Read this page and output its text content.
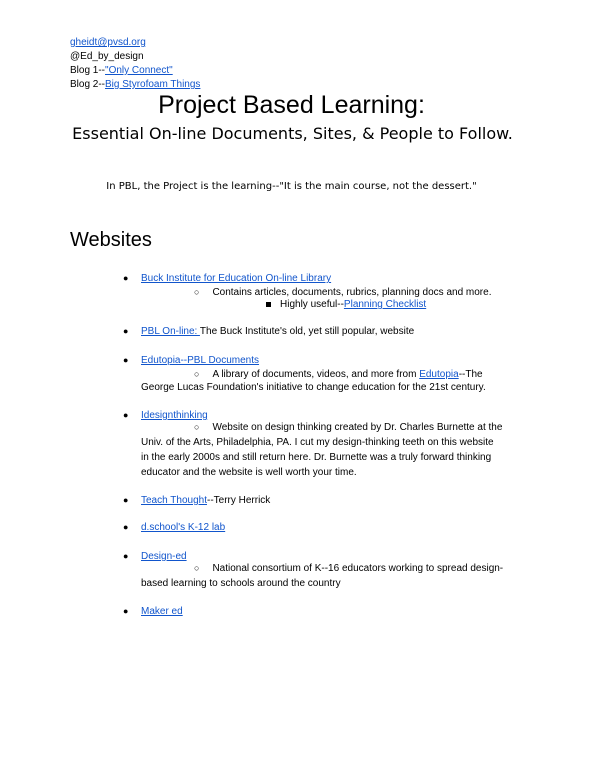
gheidt@pvsd.org
@Ed_by_design
Blog 1--"Only Connect"
Blog 2--Big Styrofoam Things
Project Based Learning:
Essential On-line Documents, Sites, & People to Follow.
In PBL, the Project is the learning--"It is the main course, not the dessert."
Websites
● Buck Institute for Education On-line Library
○ Contains articles, documents, rubrics, planning docs and more.
Highly useful--Planning Checklist
● PBL On-line: The Buck Institute's old, yet still popular, website
● Edutopia--PBL Documents
○ A library of documents, videos, and more from Edutopia--The
George Lucas Foundation's initiative to change education for the 21st century.
● Idesignthinking
○ Website on design thinking created by Dr. Charles Burnette at the
Univ. of the Arts, Philadelphia, PA. I cut my design-thinking teeth on this website
in the early 2000s and still return here. Dr. Burnette was a truly forward thinking
educator and the website is well worth your time.
● Teach Thought--Terry Herrick
● d.school's K-12 lab
● Design-ed
○ National consortium of K--16 educators working to spread design-
based learning to schools around the country
● Maker ed
